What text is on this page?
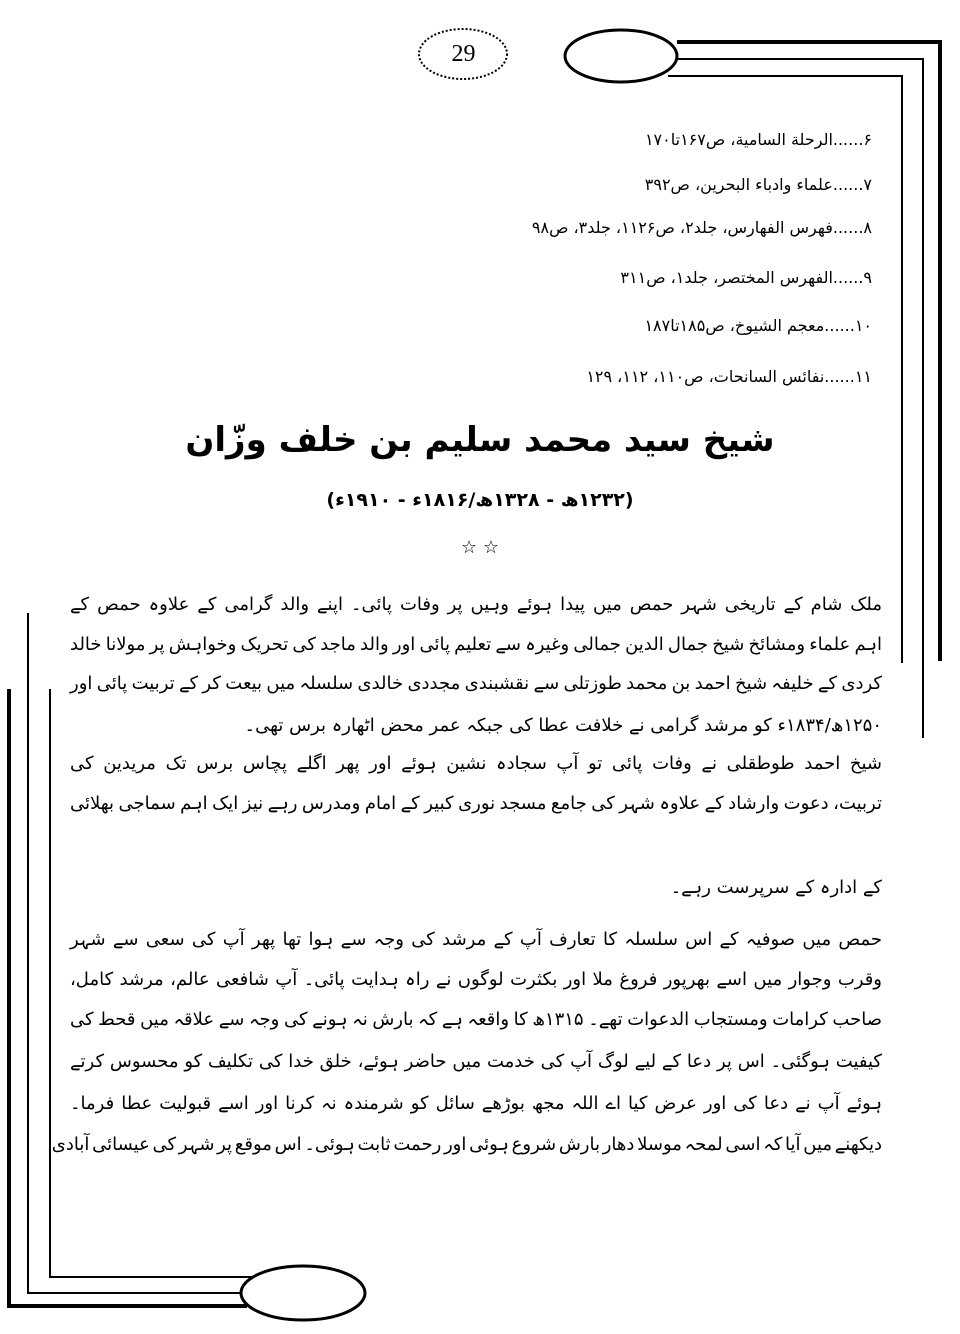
29
۶......الرحلة السامية، ص۱۶۷تا۱۷۰
۷......علماء وادباء البحرين، ص۳۹۲
۸......فهرس الفهارس، جلد۲، ص۱۱۲۶، جلد۳، ص۹۸
۹......الفهرس المختصر، جلد۱، ص۳۱۱
۱۰......معجم الشيوخ، ص۱۸۵تا۱۸۷
۱۱......نفائس السانحات، ص۱۱۰، ۱۱۲، ۱۲۹
شیخ سید محمد سلیم بن خلف وزّان
(۱۲۳۲ھ - ۱۳۲۸ھ/۱۸۱۶ء - ۱۹۱۰ء)
☆ ☆
ملک شام کے تاریخی شہر حمص میں پیدا ہوئے وہیں پر وفات پائی۔ اپنے والد گرامی کے علاوہ حمص کے
اہم علماء ومشائخ شیخ جمال الدین جمالی وغیرہ سے تعلیم پائی اور والد ماجد کی تحریک وخواہش پر مولانا خالد
کردی کے خلیفہ شیخ احمد بن محمد طوزتلی سے نقشبندی مجددی خالدی سلسلہ میں بیعت کر کے تربیت پائی اور
۱۲۵۰ھ/۱۸۳۴ء کو مرشد گرامی نے خلافت عطا کی جبکہ عمر محض اٹھارہ برس تھی۔
شیخ احمد طوطقلی نے وفات پائی تو آپ سجادہ نشین ہوئے اور پھر اگلے پچاس برس تک مریدین کی
تربیت، دعوت وارشاد کے علاوہ شہر کی جامع مسجد نوری کبیر کے امام ومدرس رہے نیز ایک اہم سماجی بھلائی
کے ادارہ کے سرپرست رہے۔
حمص میں صوفیہ کے اس سلسلہ کا تعارف آپ کے مرشد کی وجہ سے ہوا تھا پھر آپ کی سعی سے شہر
وقرب وجوار میں اسے بھرپور فروغ ملا اور بکثرت لوگوں نے راہ ہدایت پائی۔ آپ شافعی عالم، مرشد کامل،
صاحب کرامات ومستجاب الدعوات تھے۔ ۱۳۱۵ھ کا واقعہ ہے کہ بارش نہ ہونے کی وجہ سے علاقہ میں قحط کی
کیفیت ہوگئی۔ اس پر دعا کے لیے لوگ آپ کی خدمت میں حاضر ہوئے، خلق خدا کی تکلیف کو محسوس کرتے
ہوئے آپ نے دعا کی اور عرض کیا اے اللہ مجھ بوڑھے سائل کو شرمندہ نہ کرنا اور اسے قبولیت عطا فرما۔
دیکھنے میں آیا کہ اسی لمحہ موسلا دھار بارش شروع ہوئی اور رحمت ثابت ہوئی۔ اس موقع پر شہر کی عیسائی آبادی
